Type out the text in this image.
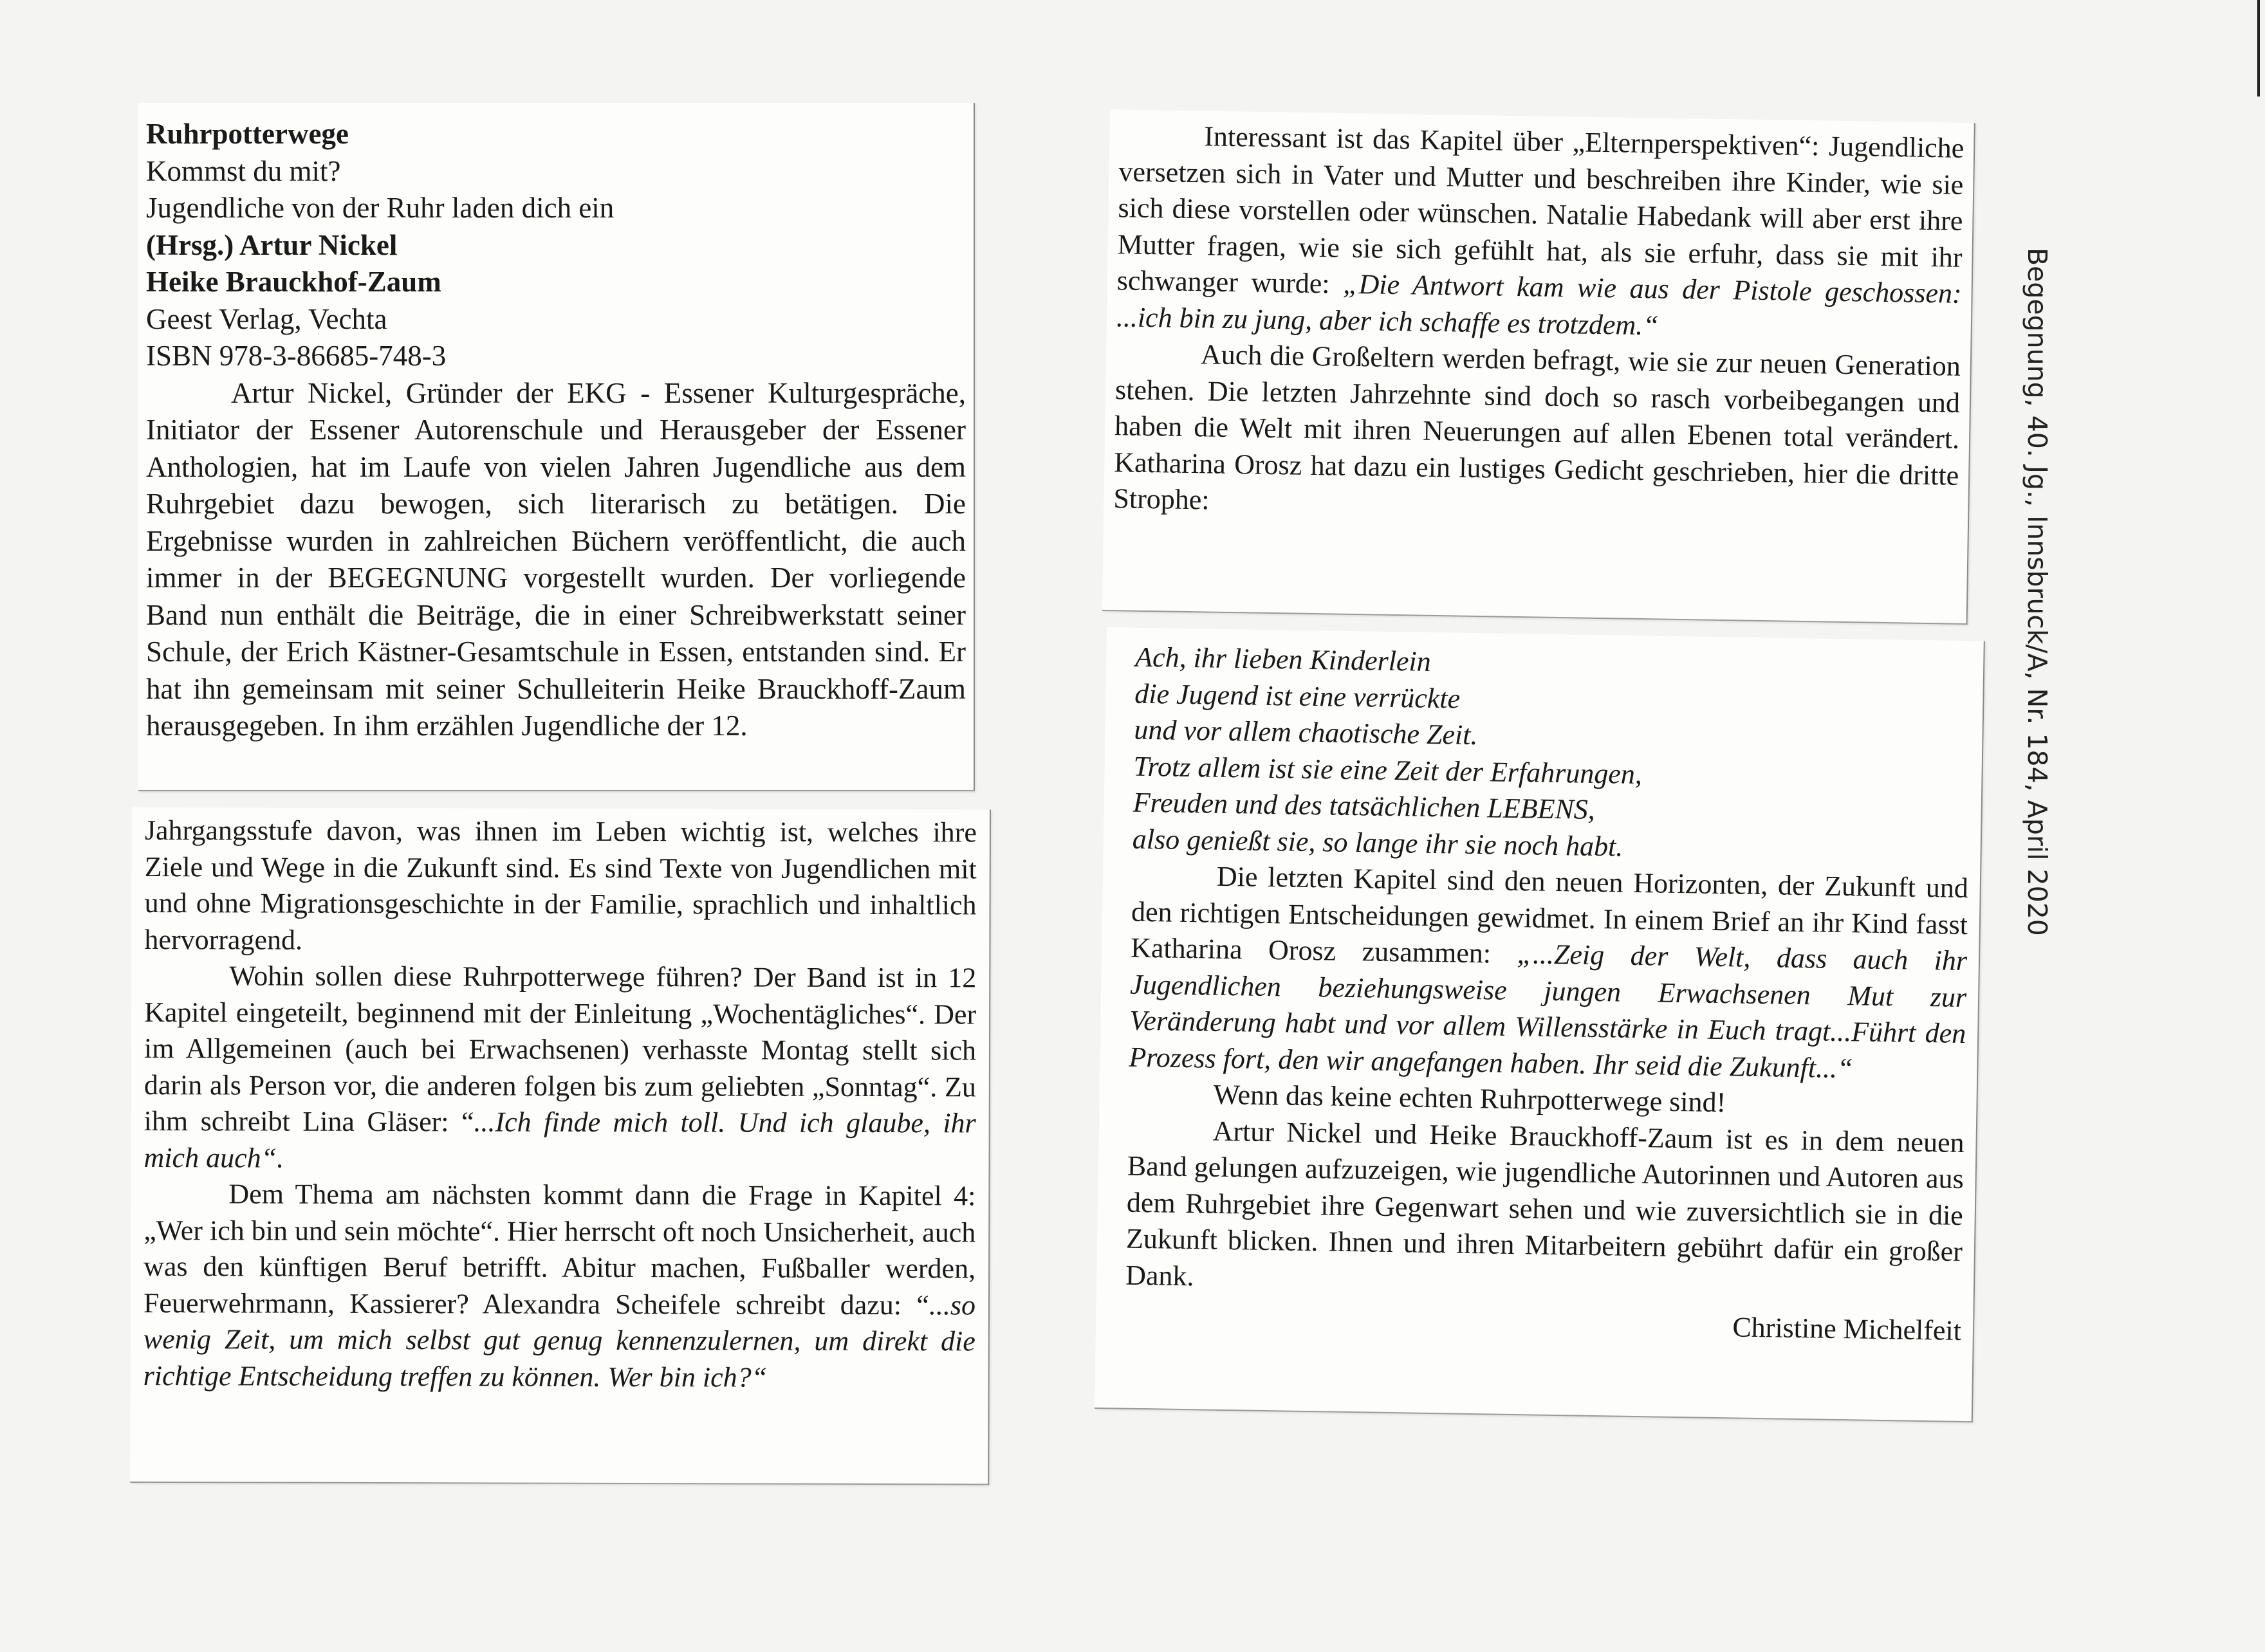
Ruhrpotterwege
Kommst du mit?
Jugendliche von der Ruhr laden dich ein
(Hrsg.) Artur Nickel
Heike Brauckhof-Zaum
Geest Verlag, Vechta
ISBN 978-3-86685-748-3

Artur Nickel, Gründer der EKG - Essener Kulturgespräche, Initiator der Essener Autorenschule und Herausgeber der Essener Anthologien, hat im Laufe von vielen Jahren Jugendliche aus dem Ruhrgebiet dazu bewogen, sich literarisch zu betätigen. Die Ergebnisse wurden in zahlreichen Büchern veröffentlicht, die auch immer in der BEGEGNUNG vorgestellt wurden. Der vorliegende Band nun enthält die Beiträge, die in einer Schreibwerkstatt seiner Schule, der Erich Kästner-Gesamtschule in Essen, entstanden sind. Er hat ihn gemeinsam mit seiner Schulleiterin Heike Brauckhoff-Zaum herausgegeben. In ihm erzählen Jugendliche der 12.

Jahrgangsstufe davon, was ihnen im Leben wichtig ist, welches ihre Ziele und Wege in die Zukunft sind. Es sind Texte von Jugendlichen mit und ohne Migrationsgeschichte in der Familie, sprachlich und inhaltlich hervorragend.

Wohin sollen diese Ruhrpotterwege führen? Der Band ist in 12 Kapitel eingeteilt, beginnend mit der Einleitung „Wochentägliches“. Der im Allgemeinen (auch bei Erwachsenen) verhasste Montag stellt sich darin als Person vor, die anderen folgen bis zum geliebten „Sonntag“. Zu ihm schreibt Lina Gläser: “...Ich finde mich toll. Und ich glaube, ihr mich auch“.

Dem Thema am nächsten kommt dann die Frage in Kapitel 4: „Wer ich bin und sein möchte“. Hier herrscht oft noch Unsicherheit, auch was den künftigen Beruf betrifft. Abitur machen, Fußballer werden, Feuerwehrmann, Kassierer? Alexandra Scheifele schreibt dazu: “...so wenig Zeit, um mich selbst gut genug kennenzulernen, um direkt die richtige Entscheidung treffen zu können. Wer bin ich?“

Interessant ist das Kapitel über „Elternperspektiven“: Jugendliche versetzen sich in Vater und Mutter und beschreiben ihre Kinder, wie sie sich diese vorstellen oder wünschen. Natalie Habedank will aber erst ihre Mutter fragen, wie sie sich gefühlt hat, als sie erfuhr, dass sie mit ihr schwanger wurde: „Die Antwort kam wie aus der Pistole geschossen: ...ich bin zu jung, aber ich schaffe es trotzdem.“

Auch die Großeltern werden befragt, wie sie zur neuen Generation stehen. Die letzten Jahrzehnte sind doch so rasch vorbeibegangen und haben die Welt mit ihren Neuerungen auf allen Ebenen total verändert. Katharina Orosz hat dazu ein lustiges Gedicht geschrieben, hier die dritte Strophe:

Ach, ihr lieben Kinderlein
die Jugend ist eine verrückte
und vor allem chaotische Zeit.
Trotz allem ist sie eine Zeit der Erfahrungen,
Freuden und des tatsächlichen LEBENS,
also genießt sie, so lange ihr sie noch habt.

Die letzten Kapitel sind den neuen Horizonten, der Zukunft und den richtigen Entscheidungen gewidmet. In einem Brief an ihr Kind fasst Katharina Orosz zusammen: „...Zeig der Welt, dass auch ihr Jugendlichen beziehungsweise jungen Erwachsenen Mut zur Veränderung habt und vor allem Willensstärke in Euch tragt...Führt den Prozess fort, den wir angefangen haben. Ihr seid die Zukunft...“

Wenn das keine echten Ruhrpotterwege sind!

Artur Nickel und Heike Brauckhoff-Zaum ist es in dem neuen Band gelungen aufzuzeigen, wie jugendliche Autorinnen und Autoren aus dem Ruhrgebiet ihre Gegenwart sehen und wie zuversichtlich sie in die Zukunft blicken. Ihnen und ihren Mitarbeitern gebührt dafür ein großer Dank.

Christine Michelfeit

Begegnung, 40. Jg., Innsbruck/A, Nr. 184, April 2020
